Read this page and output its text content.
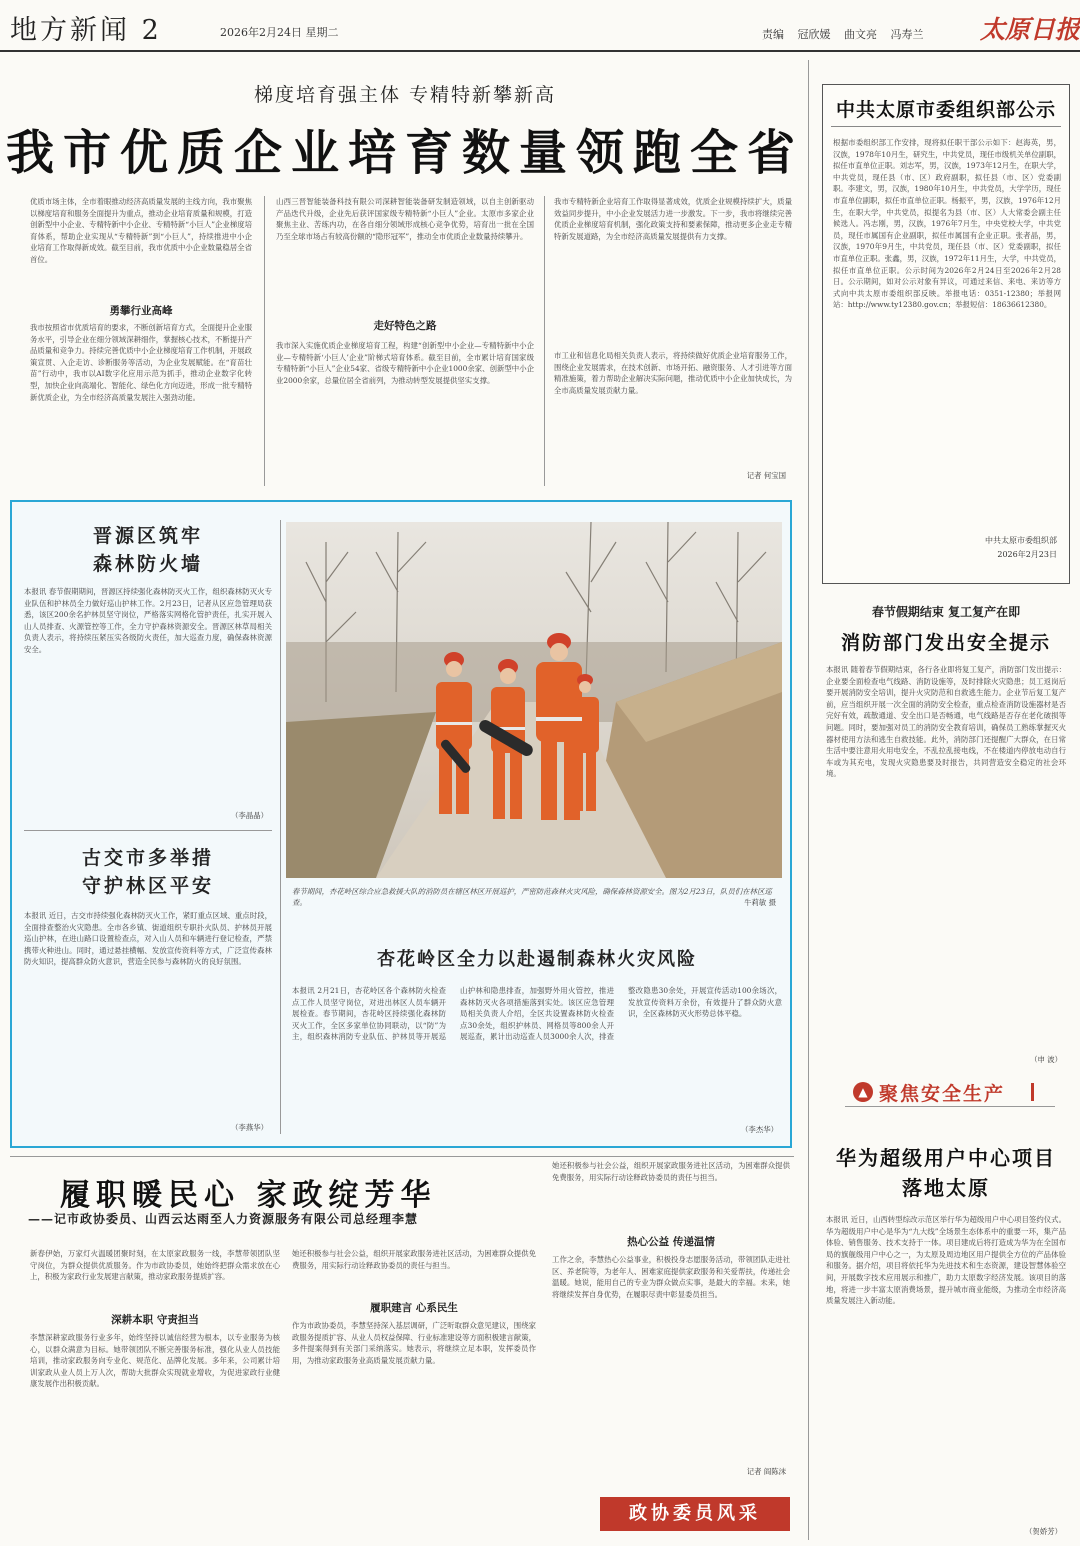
地方新闻 2	2026年2月24日 星期二	责编 冠欣媛 曲文亮 冯寿兰 太原日报
梯度培育强主体 专精特新攀新高
我市优质企业培育数量领跑全省
优质市场主体，全市着眼推动经济高质量发展的主线方向，我市聚焦以梯度培育和服务全面提升为重点，推动企业培育质量和规模，打造创新型中小企业、专精特新中小企业、专精特新“小巨人”企业梯度培育体系，帮助企业实现从“专精特新”到“小巨人”，持续推进中小企业培育工作取得新成效。截至目前，我市优质中小企业数量稳居全省首位。
勇攀行业高峰
我市按照省市优质培育的要求，不断创新培育方式，全面提升企业服务水平，引导企业在细分领域深耕细作，掌握核心技术，不断提升产品质量和竞争力。持续完善优质中小企业梯度培育工作机制，开展政策宣贯、入企走访、诊断服务等活动，为企业发展赋能。在“育苗壮苗”行动中，我市以AI数字化应用示范为抓手，推动企业数字化转型，加快企业向高端化、智能化、绿色化方向迈进，形成一批专精特新优质企业，为全市经济高质量发展注入强劲动能。
山西三晋智能装备科技有限公司深耕智能装备研发制造领域，以自主创新驱动产品迭代升级，企业先后获评国家级专精特新“小巨人”企业。太原市多家企业聚焦主业、苦练内功，在各自细分领域形成核心竞争优势，培育出一批在全国乃至全球市场占有较高份额的“隐形冠军”，推动全市优质企业数量持续攀升。
走好特色之路
我市深入实施优质企业梯度培育工程，构建“创新型中小企业—专精特新中小企业—专精特新‘小巨人’企业”阶梯式培育体系。截至目前，全市累计培育国家级专精特新“小巨人”企业54家、省级专精特新中小企业1000余家、创新型中小企业2000余家，总量位居全省前列，为推动转型发展提供坚实支撑。
我市专精特新企业培育工作取得显著成效，优质企业规模持续扩大，质量效益同步提升，中小企业发展活力进一步激发。下一步，我市将继续完善优质企业梯度培育机制，强化政策支持和要素保障，推动更多企业走专精特新发展道路，为全市经济高质量发展提供有力支撑。
市工业和信息化局相关负责人表示，将持续做好优质企业培育服务工作，围绕企业发展需求，在技术创新、市场开拓、融资服务、人才引进等方面精准施策，着力帮助企业解决实际问题，推动优质中小企业加快成长，为全市高质量发展贡献力量。
记者 何宝国
中共太原市委组织部公示
根据市委组织部工作安排，现将拟任职干部公示如下：赵海英，男，汉族，1978年10月生，研究生，中共党员，现任市级机关单位副职，拟任市直单位正职。刘志军，男，汉族，1973年12月生，在职大学，中共党员，现任县（市、区）政府副职，拟任县（市、区）党委副职。李建文，男，汉族，1980年10月生，中共党员，大学学历，现任市直单位副职，拟任市直单位正职。杨振平，男，汉族，1976年12月生，在职大学，中共党员，拟提名为县（市、区）人大常委会副主任候选人。冯志刚，男，汉族，1976年7月生，中央党校大学，中共党员，现任市属国有企业副职，拟任市属国有企业正职。张者晶，男，汉族，1970年9月生，中共党员，现任县（市、区）党委副职，拟任市直单位正职。张鑫，男，汉族，1972年11月生，大学，中共党员，拟任市直单位正职。公示时间为2026年2月24日至2026年2月28日。公示期间，如对公示对象有异议，可通过来信、来电、来访等方式向中共太原市委组织部反映。举报电话：0351-12380；举报网站：http://www.ty12380.gov.cn；举报短信：18636612380。
中共太原市委组织部
2026年2月23日
晋源区筑牢
森林防火墙
本报讯 春节假期期间，晋源区持续强化森林防灭火工作，组织森林防灭火专业队伍和护林员全力做好巡山护林工作。2月23日，记者从区应急管理局获悉，该区200余名护林员坚守岗位，严格落实网格化管护责任，扎实开展入山人员排查、火源管控等工作，全力守护森林资源安全。晋源区林草局相关负责人表示，将持续压紧压实各级防火责任，加大巡查力度，确保森林资源安全。
（李晶晶）
古交市多举措
守护林区平安
本报讯 近日，古交市持续强化森林防灭火工作，紧盯重点区域、重点时段，全面排查整治火灾隐患。全市各乡镇、街道组织专职扑火队员、护林员开展巡山护林，在进山路口设置检查点，对入山人员和车辆进行登记检查，严禁携带火种进山。同时，通过悬挂横幅、发放宣传资料等方式，广泛宣传森林防火知识，提高群众防火意识，营造全民参与森林防火的良好氛围。
（李燕华）
春节期间，杏花岭区综合应急救援大队的消防员在辖区林区开展巡护，严密防范森林火灾风险，确保森林资源安全。图为2月23日，队员们在林区巡查。	牛莉敏 摄
杏花岭区全力以赴遏制森林火灾风险
本报讯 2月21日，杏花岭区各个森林防火检查点工作人员坚守岗位，对进出林区人员车辆开展检查。春节期间，杏花岭区持续强化森林防灭火工作，全区多家单位协同联动，以“防”为主，组织森林消防专业队伍、护林员等开展巡山护林和隐患排查，加强野外用火管控，推进森林防灭火各项措施落到实处。该区应急管理局相关负责人介绍，全区共设置森林防火检查点30余处，组织护林员、网格员等800余人开展巡查，累计出动巡查人员3000余人次，排查整改隐患30余处，开展宣传活动100余场次，发放宣传资料万余份，有效提升了群众防火意识，全区森林防灭火形势总体平稳。
（李杰华）
履职暖民心 家政绽芳华
——记市政协委员、山西云达雨至人力资源服务有限公司总经理李慧
新春伊始，万家灯火温暖团聚时刻，在太原家政服务一线，李慧带领团队坚守岗位，为群众提供优质服务。作为市政协委员，她始终把群众需求放在心上，积极为家政行业发展建言献策，推动家政服务提质扩容。
深耕本职 守责担当
李慧深耕家政服务行业多年，始终坚持以诚信经营为根本，以专业服务为核心，以群众满意为目标。她带领团队不断完善服务标准，强化从业人员技能培训，推动家政服务向专业化、规范化、品牌化发展。多年来，公司累计培训家政从业人员上万人次，帮助大批群众实现就业增收，为促进家政行业健康发展作出积极贡献。
她还积极参与社会公益，组织开展家政服务进社区活动，为困难群众提供免费服务，用实际行动诠释政协委员的责任与担当。
履职建言 心系民生
作为市政协委员，李慧坚持深入基层调研，广泛听取群众意见建议，围绕家政服务提质扩容、从业人员权益保障、行业标准建设等方面积极建言献策，多件提案得到有关部门采纳落实。她表示，将继续立足本职，发挥委员作用，为推动家政服务业高质量发展贡献力量。
她还积极参与社会公益，组织开展家政服务进社区活动，为困难群众提供免费服务，用实际行动诠释政协委员的责任与担当。
热心公益 传递温情
工作之余，李慧热心公益事业，积极投身志愿服务活动，带领团队走进社区、养老院等，为老年人、困难家庭提供家政服务和关爱帮扶，传递社会温暖。她说，能用自己的专业为群众做点实事，是最大的幸福。未来，她将继续发挥自身优势，在履职尽责中彰显委员担当。
记者 阎陈沫
政协委员风采
春节假期结束 复工复产在即
消防部门发出安全提示
本报讯 随着春节假期结束，各行各业即将复工复产，消防部门发出提示：企业要全面检查电气线路、消防设施等，及时排除火灾隐患；员工返岗后要开展消防安全培训，提升火灾防范和自救逃生能力。企业节后复工复产前，应当组织开展一次全面的消防安全检查，重点检查消防设施器材是否完好有效，疏散通道、安全出口是否畅通，电气线路是否存在老化破损等问题。同时，要加强对员工的消防安全教育培训，确保员工熟练掌握灭火器材使用方法和逃生自救技能。此外，消防部门还提醒广大群众，在日常生活中要注意用火用电安全，不乱拉乱接电线，不在楼道内停放电动自行车或为其充电，发现火灾隐患要及时报告，共同营造安全稳定的社会环境。
（申 波）
▲ 聚焦安全生产
华为超级用户中心项目
落地太原
本报讯 近日，山西转型综改示范区举行华为超级用户中心项目签约仪式。华为超级用户中心是华为“九大线”全场景生态体系中的重要一环，集产品体验、销售服务、技术支持于一体。项目建成后将打造成为华为在全国布局的旗舰级用户中心之一，为太原及周边地区用户提供全方位的产品体验和服务。据介绍，项目将依托华为先进技术和生态资源，建设智慧体验空间，开展数字技术应用展示和推广，助力太原数字经济发展。该项目的落地，将进一步丰富太原消费场景，提升城市商业能级，为推动全市经济高质量发展注入新动能。
（贺娇芳）
